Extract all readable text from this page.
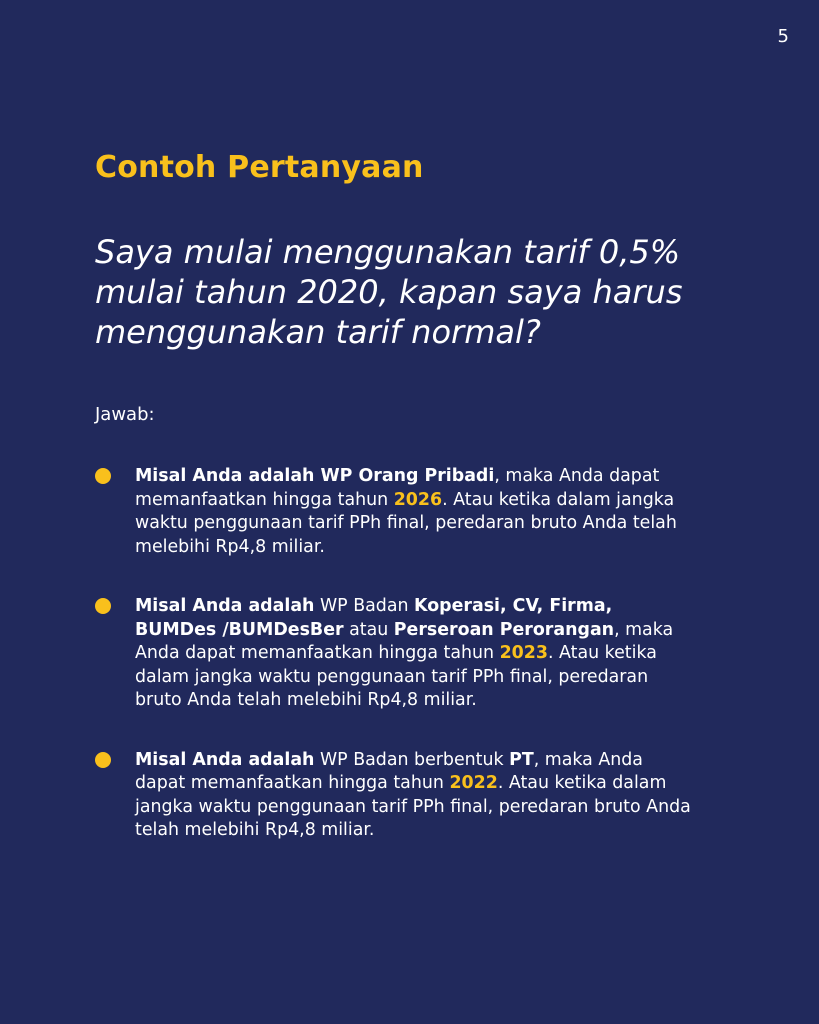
5
Contoh Pertanyaan
Saya mulai menggunakan tarif 0,5% mulai tahun 2020, kapan saya harus menggunakan tarif normal?
Jawab:
Misal Anda adalah WP Orang Pribadi, maka Anda dapat memanfaatkan hingga tahun 2026. Atau ketika dalam jangka waktu penggunaan tarif PPh final, peredaran bruto Anda telah melebihi Rp4,8 miliar.
Misal Anda adalah WP Badan Koperasi, CV, Firma, BUMDes /BUMDesBer atau Perseroan Perorangan, maka Anda dapat memanfaatkan hingga tahun 2023. Atau ketika dalam jangka waktu penggunaan tarif PPh final, peredaran bruto Anda telah melebihi Rp4,8 miliar.
Misal Anda adalah WP Badan berbentuk PT, maka Anda dapat memanfaatkan hingga tahun 2022. Atau ketika dalam jangka waktu penggunaan tarif PPh final, peredaran bruto Anda telah melebihi Rp4,8 miliar.
